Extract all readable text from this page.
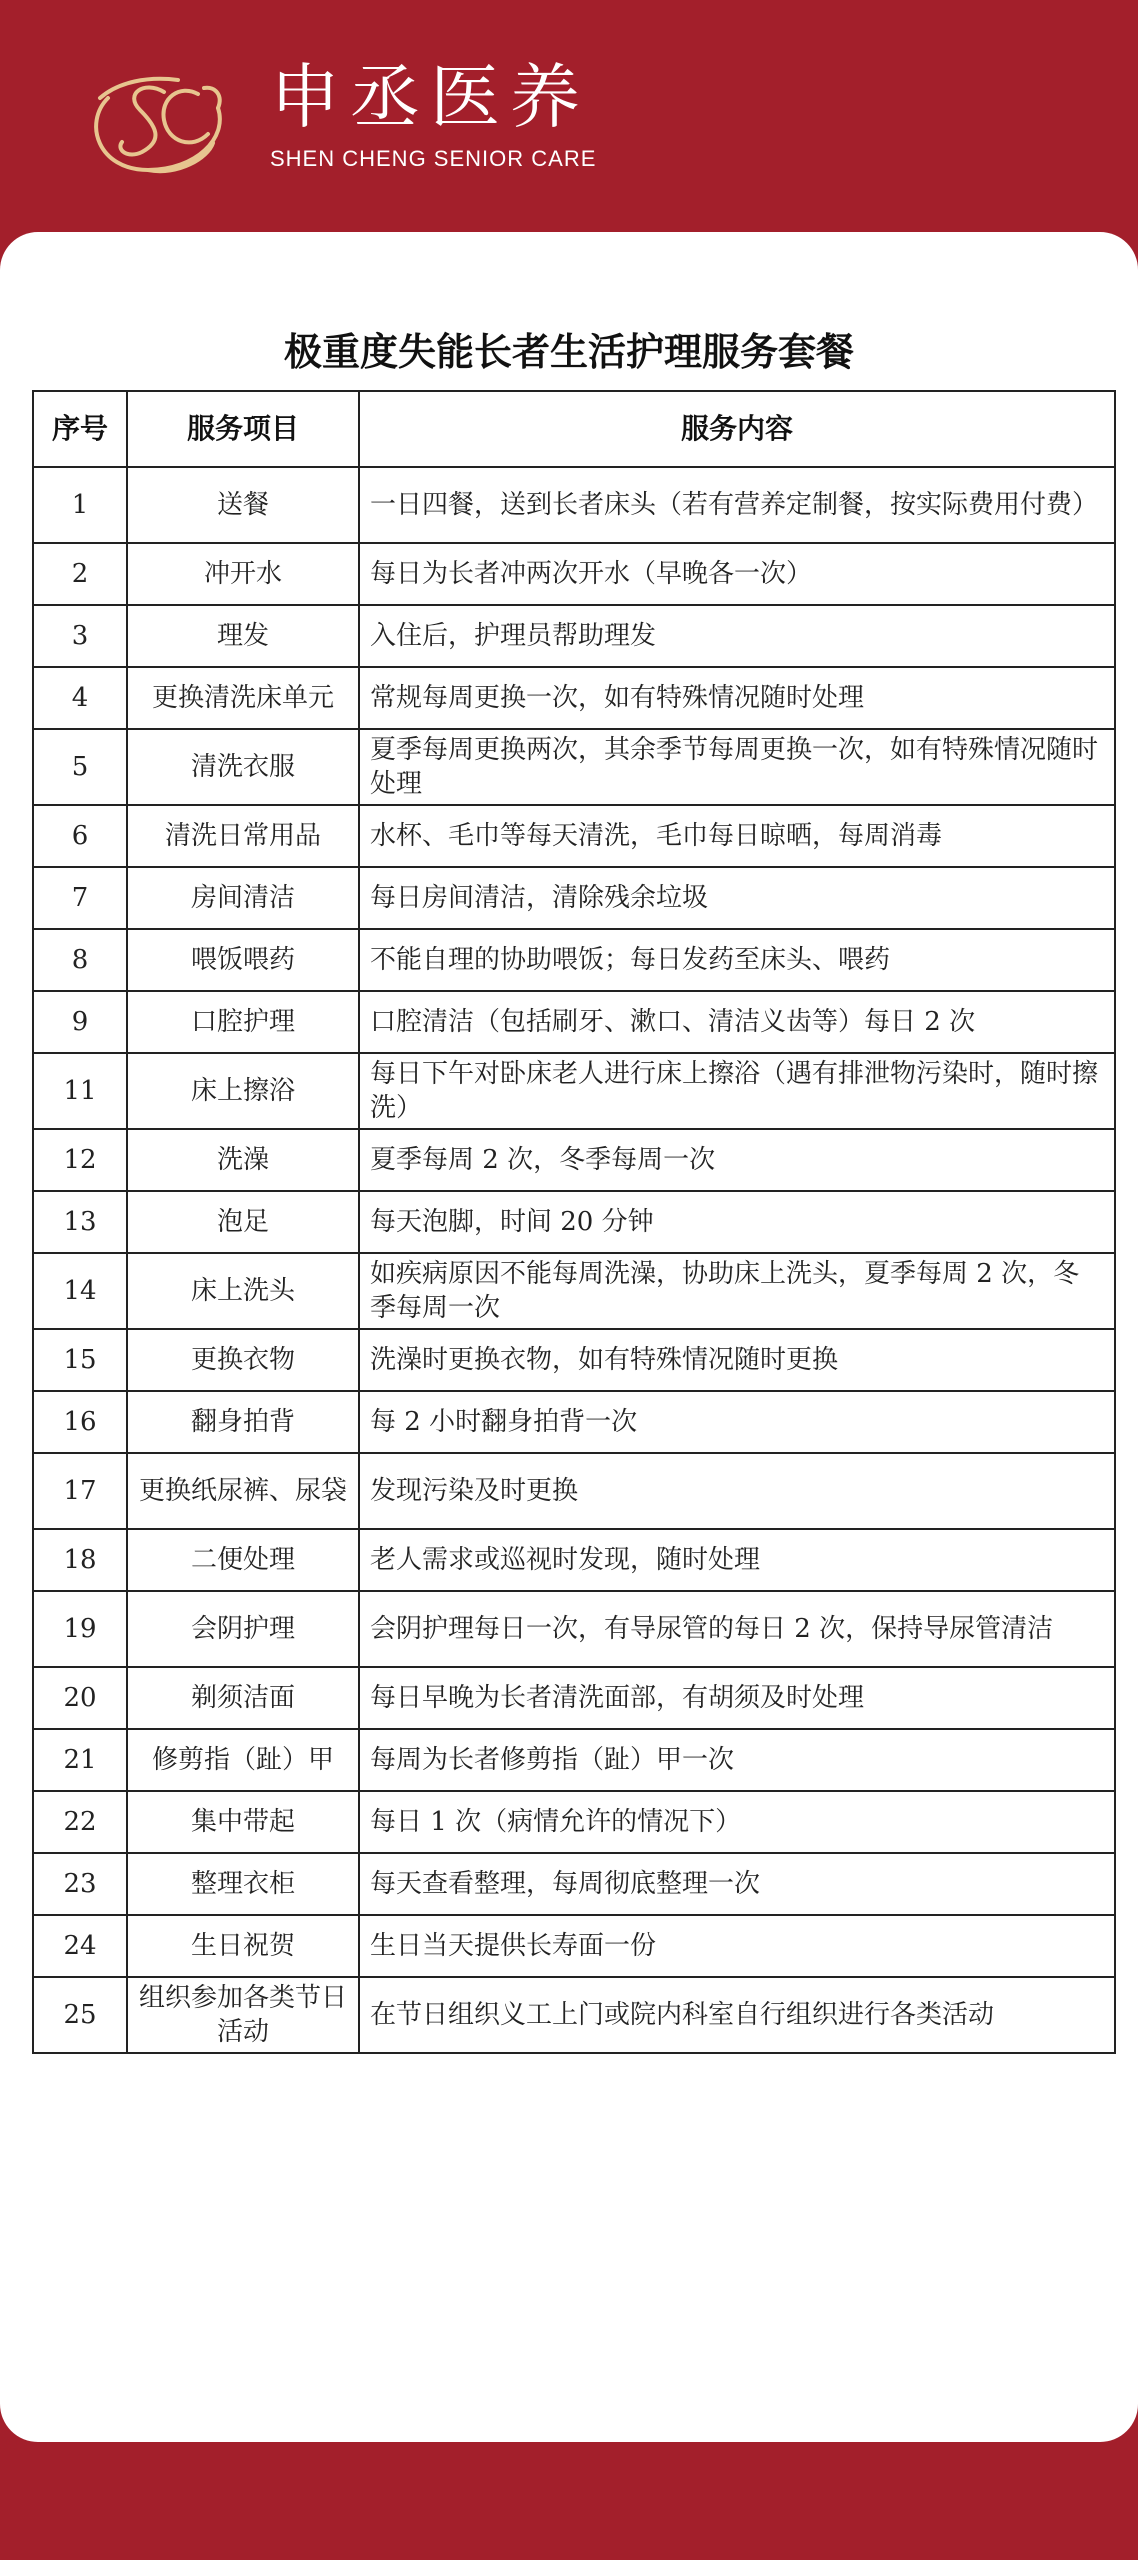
申丞医养
SHEN CHENG SENIOR CARE
极重度失能长者生活护理服务套餐
序号	服务项目	服务内容
1	送餐	一日四餐，送到长者床头（若有营养定制餐，按实际费用付费）
2	冲开水	每日为长者冲两次开水（早晚各一次）
3	理发	入住后，护理员帮助理发
4	更换清洗床单元	常规每周更换一次，如有特殊情况随时处理
5	清洗衣服	夏季每周更换两次，其余季节每周更换一次，如有特殊情况随时处理
6	清洗日常用品	水杯、毛巾等每天清洗，毛巾每日晾晒，每周消毒
7	房间清洁	每日房间清洁，清除残余垃圾
8	喂饭喂药	不能自理的协助喂饭；每日发药至床头、喂药
9	口腔护理	口腔清洁（包括刷牙、漱口、清洁义齿等）每日 2 次
11	床上擦浴	每日下午对卧床老人进行床上擦浴（遇有排泄物污染时，随时擦洗）
12	洗澡	夏季每周 2 次，冬季每周一次
13	泡足	每天泡脚，时间 20 分钟
14	床上洗头	如疾病原因不能每周洗澡，协助床上洗头，夏季每周 2 次，冬季每周一次
15	更换衣物	洗澡时更换衣物，如有特殊情况随时更换
16	翻身拍背	每 2 小时翻身拍背一次
17	更换纸尿裤、尿袋	发现污染及时更换
18	二便处理	老人需求或巡视时发现，随时处理
19	会阴护理	会阴护理每日一次，有导尿管的每日 2 次，保持导尿管清洁
20	剃须洁面	每日早晚为长者清洗面部，有胡须及时处理
21	修剪指（趾）甲	每周为长者修剪指（趾）甲一次
22	集中带起	每日 1 次（病情允许的情况下）
23	整理衣柜	每天查看整理，每周彻底整理一次
24	生日祝贺	生日当天提供长寿面一份
25	组织参加各类节日活动	在节日组织义工上门或院内科室自行组织进行各类活动
